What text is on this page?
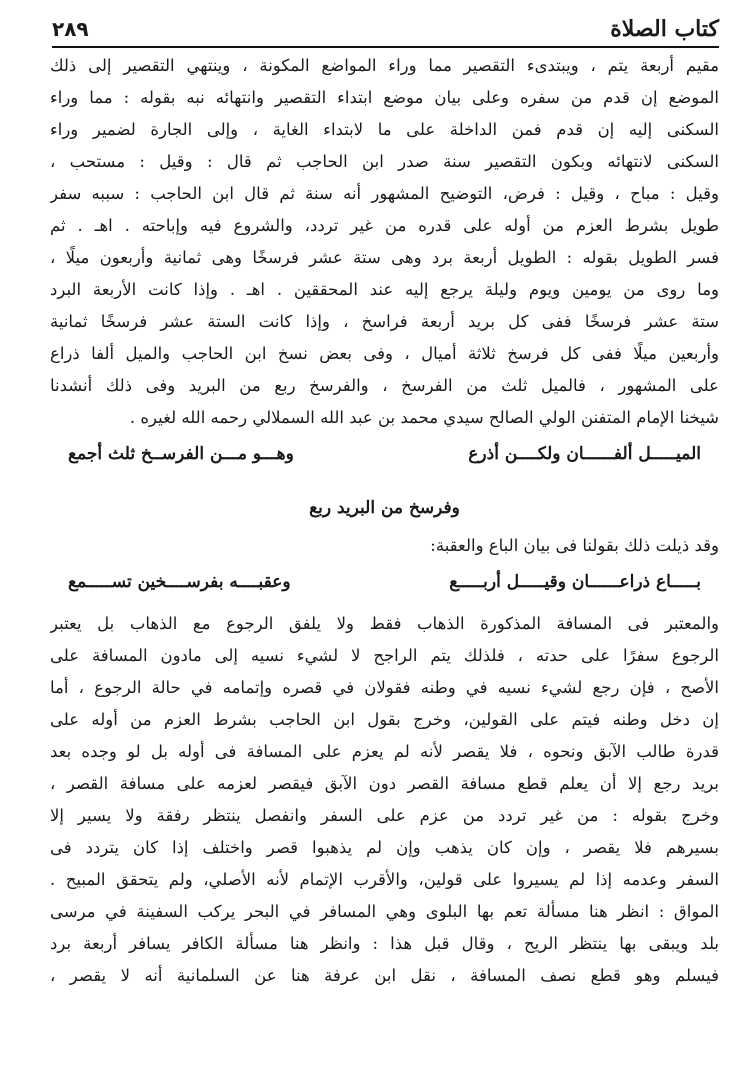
كتاب الصلاة
٢٨٩
مقيم أربعة يتم ، ويبتدىء التقصير مما وراء المواضع المكونة ، وينتهي التقصير إلى ذلك
الموضع إن قدم من سفره وعلى بيان موضع ابتداء التقصير وانتهائه نبه بقوله : مما وراء
السكنى إليه إن قدم فمن الداخلة على ما لابتداء الغاية ، وإلى الجارة لضمير وراء
السكنى لانتهائه وبكون التقصير سنة صدر ابن الحاجب ثم قال : وقيل : مستحب ،
وقيل : مباح ، وقيل : فرض، التوضيح المشهور أنه سنة ثم قال ابن الحاجب : سببه سفر
طويل بشرط العزم من أوله على قدره من غير تردد، والشروع فيه وإباحته . اهـ . ثم
فسر الطويل بقوله : الطويل أربعة برد وهى ستة عشر فرسخًا وهى ثمانية وأربعون ميلًا ،
وما روى من يومين ويوم وليلة يرجع إليه عند المحققين . اهـ . وإذا كانت الأربعة البرد
ستة عشر فرسخًا ففى كل بريد أربعة فراسخ ، وإذا كانت الستة عشر فرسخًا ثمانية
وأربعين ميلًا ففى كل فرسخ ثلاثة أميال ، وفى بعض نسخ ابن الحاجب والميل ألفا ذراع
على المشهور ، فالميل ثلث من الفرسخ ، والفرسخ ربع من البريد وفى ذلك أنشدنا
شيخنا الإمام المتفنن الولي الصالح سيدي محمد بن عبد الله السملالي رحمه الله لغيره .
الميـــــل ألفــــــان ولكــــن أذرع
وهـــو مـــن الفرســخ ثلث أجمع
وفرسخ من البريد ربع
وقد ذيلت ذلك بقولنا فى بيان الباع والعقبة:
بـــــاع ذراعــــــان وقيـــــل أربـــــع
وعقبــــه بفرســــخين تســـــمع
والمعتبر فى المسافة المذكورة الذهاب فقط ولا يلفق الرجوع مع الذهاب بل يعتبر
الرجوع سفرًا على حدته ، فلذلك يتم الراجح لا لشيء نسيه إلى مادون المسافة على
الأصح ، فإن رجع لشيء نسيه في وطنه فقولان في قصره وإتمامه في حالة الرجوع ، أما
إن دخل وطنه فيتم على القولين، وخرج بقول ابن الحاجب بشرط العزم من أوله على
قدرة طالب الآبق ونحوه ، فلا يقصر لأنه لم يعزم على المسافة فى أوله بل لو وجده بعد
بريد رجع إلا أن يعلم قطع مسافة القصر دون الآبق فيقصر لعزمه على مسافة القصر ،
وخرج بقوله : من غير تردد من عزم على السفر وانفصل ينتظر رفقة ولا يسير إلا
بسيرهم فلا يقصر ، وإن كان يذهب وإن لم يذهبوا قصر واختلف إذا كان يتردد فى
السفر وعدمه إذا لم يسيروا على قولين، والأقرب الإتمام لأنه الأصلي، ولم يتحقق المبيح .
المواق : انظر هنا مسألة تعم بها البلوى وهي المسافر في البحر يركب السفينة في مرسى
بلد ويبقى بها ينتظر الريح ، وقال قبل هذا : وانظر هنا مسألة الكافر يسافر أربعة برد
فيسلم وهو قطع نصف المسافة ، نقل ابن عرفة هنا عن السلمانية أنه لا يقصر ،
